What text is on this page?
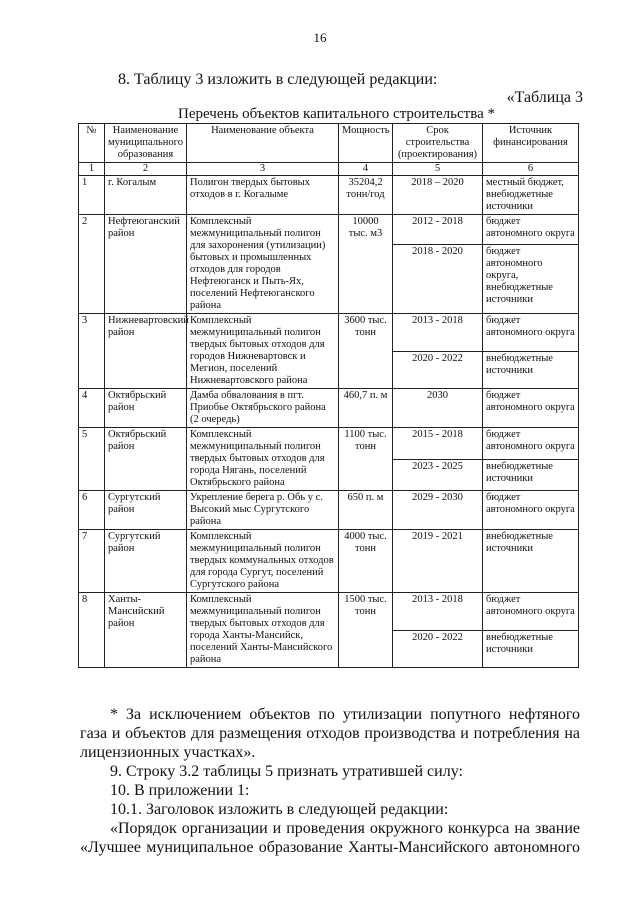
16
8. Таблицу 3 изложить в следующей редакции:
«Таблица 3
Перечень объектов капитального строительства *
№	Наименование муниципального образования	Наименование объекта	Мощность	Срок строительства (проектирования)	Источник финансирования
1	2	3	4	5	6
1	г. Когалым	Полигон твердых бытовых отходов в г. Когалыме	35204,2 тонн/год	2018 – 2020	местный бюджет, внебюджетные источники
2	Нефтеюганский район	Комплексный межмуниципальный полигон для захоронения (утилизации) бытовых и промышленных отходов для городов Нефтеюганск и Пыть-Ях, поселений Нефтеюганского района	10000 тыс. м3	2012 - 2018	бюджет автономного округа
				2018 - 2020	бюджет автономного округа, внебюджетные источники
3	Нижневартовский район	Комплексный межмуниципальный полигон твердых бытовых отходов для городов Нижневартовск и Мегион, поселений Нижневартовского района	3600 тыс. тонн	2013 - 2018	бюджет автономного округа
				2020 - 2022	внебюджетные источники
4	Октябрьский район	Дамба обвалования в пгт. Приобье Октябрьского района (2 очередь)	460,7 п. м	2030	бюджет автономного округа
5	Октябрьский район	Комплексный межмуниципальный полигон твердых бытовых отходов для города Нягань, поселений Октябрьского района	1100 тыс. тонн	2015 - 2018	бюджет автономного округа
				2023 - 2025	внебюджетные источники
6	Сургутский район	Укрепление берега р. Обь у с. Высокий мыс Сургутского района	650 п. м	2029 - 2030	бюджет автономного округа
7	Сургутский район	Комплексный межмуниципальный полигон твердых коммунальных отходов для города Сургут, поселений Сургутского района	4000 тыс. тонн	2019 - 2021	внебюджетные источники
8	Ханты-Мансийский район	Комплексный межмуниципальный полигон твердых бытовых отходов для города Ханты-Мансийск, поселений Ханты-Мансийского района	1500 тыс. тонн	2013 - 2018	бюджет автономного округа
				2020 - 2022	внебюджетные источники

* За исключением объектов по утилизации попутного нефтяного газа и объектов для размещения отходов производства и потребления на лицензионных участках».

9. Строку 3.2 таблицы 5 признать утратившей силу:

10. В приложении 1:

10.1. Заголовок изложить в следующей редакции:

«Порядок организации и проведения окружного конкурса на звание «Лучшее муниципальное образование Ханты-Мансийского автономного
